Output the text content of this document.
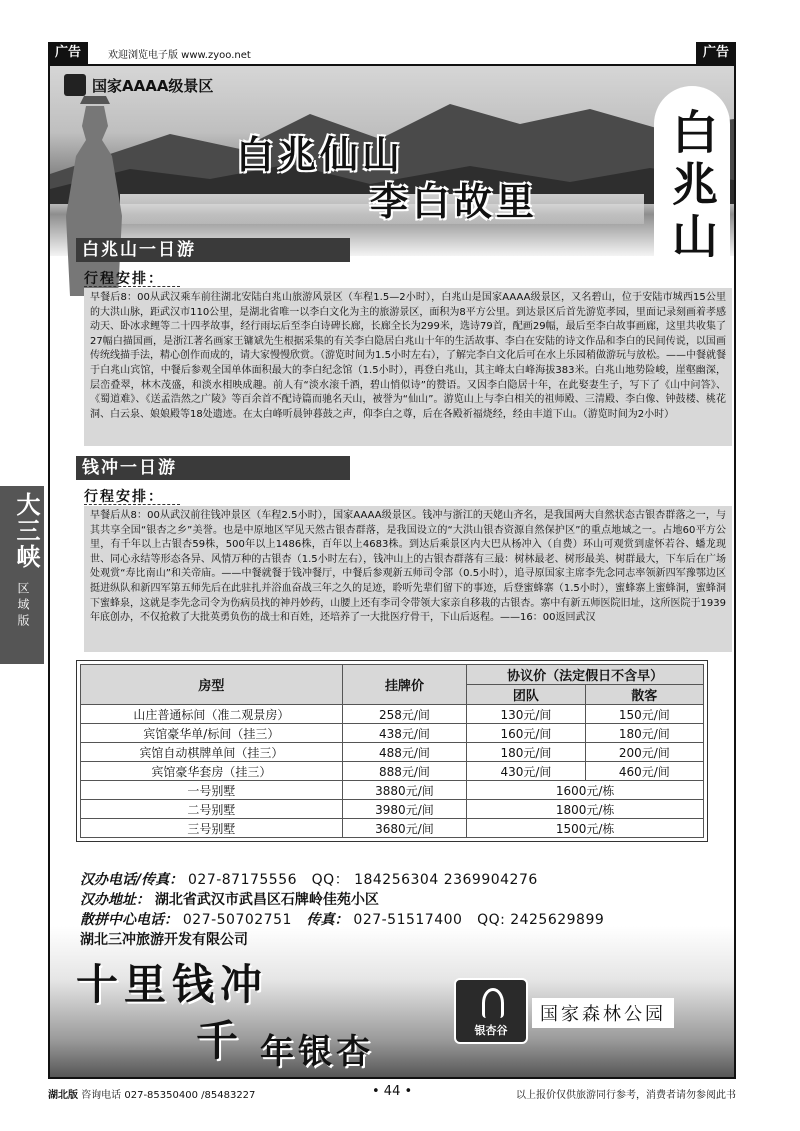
广告	欢迎浏览电子版 www.zyoo.net	广告
国家AAAA级景区
白兆仙山
李白故里	白兆山
白兆山一日游
行程安排：
早餐后8：00从武汉乘车前往湖北安陆白兆山旅游风景区（车程1.5—2小时），白兆山是国家AAAA级景区，又名碧山，位于安陆市城西15公里的大洪山脉，距武汉市110公里，是湖北省唯一以李白文化为主的旅游景区，面积为8平方公里。到达景区后首先游览孝园，里面记录刻画着孝感动天、卧冰求鲤等二十四孝故事，经行雨坛后至李白诗碑长廊，长廊全长为299米，选诗79首，配画29幅，最后至李白故事画廊，这里共收集了27幅白描国画，是浙江著名画家王镛斌先生根据采集的有关李白隐居白兆山十年的生活故事、李白在安陆的诗文作品和李白的民间传说，以国画传统线描手法，精心创作而成的，请大家慢慢欣赏。（游览时间为1.5小时左右），了解完李白文化后可在水上乐园稍做游玩与放松。——中餐就餐于白兆山宾馆，中餐后参观全国单体面积最大的李白纪念馆（1.5小时），再登白兆山，其主峰太白峰海拔383米。白兆山地势险峻，崖壑幽深，层峦叠翠，林木茂盛，和淡水相映成趣。前人有“淡水滚千酒，碧山悄似诗”的赞语。又因李白隐居十年，在此娶妻生子，写下了《山中问答》、《蜀道难》、《送孟浩然之广陵》等百余首不配诗篇而驰名天山，被誉为“仙山”。游览山上与李白相关的祖师殿、三清殿、李白像、钟鼓楼、桃花洞、白云泉、娘娘殿等18处遗迹。在太白峰听晨钟暮鼓之声，仰李白之尊，后在各殿祈福烧经，经由丰道下山。（游览时间为2小时）
钱冲一日游
行程安排：
早餐后从8：00从武汉前往钱冲景区（车程2.5小时），国家AAAA级景区。钱冲与浙江的天姥山齐名，是我国两大自然状态古银杏群落之一，与其共享全国“银杏之乡”美誉。也是中原地区罕见天然古银杏群落，是我国设立的“大洪山银杏资源自然保护区”的重点地域之一。占地60平方公里，有千年以上古银杏59株，500年以上1486株，百年以上4683株。到达后乘景区内大巴从杨冲入（自费）环山可观赏到虚怀若谷、蟠龙现世、同心永结等形态各异、风情万种的古银杏（1.5小时左右），钱冲山上的古银杏群落有三最：树林最老、树形最美、树群最大，下车后在广场处观赏“寿比南山”和关帝庙。——中餐就餐于钱冲餐厅，中餐后参观新五师司令部（0.5小时），追寻原国家主席李先念同志率领新四军豫鄂边区挺进纵队和新四军第五师先后在此驻扎并浴血奋战三年之久的足迹，聆听先辈们留下的事迹，后登蜜蜂寨（1.5小时），蜜蜂寨上蜜蜂洞，蜜蜂洞下蜜蜂泉，这就是李先念司令为伤病员找的神丹妙药，山腰上还有李司令带领大家亲自移栽的古银杏。寨中有新五师医院旧址，这所医院于1939年底创办，不仅抢救了大批英勇负伤的战士和百姓，还培养了一大批医疗骨干，下山后返程。——16：00返回武汉
房型	挂牌价	协议价（法定假日不含早）	
		团队	散客
山庄普通标间（准二观景房）	258元/间	130元/间	150元/间
宾馆豪华单/标间（挂三）	438元/间	160元/间	180元/间
宾馆自动棋牌单间（挂三）	488元/间	180元/间	200元/间
宾馆豪华套房（挂三）	888元/间	430元/间	460元/间
一号别墅	3880元/间	1600元/栋	
二号别墅	3980元/间	1800元/栋	
三号别墅	3680元/间	1500元/栋	
汉办电话/传真： 027-87175556 QQ： 184256304 2369904276
汉办地址： 湖北省武汉市武昌区石牌岭佳苑小区
散拼中心电话： 027-50702751 传真： 027-51517400 QQ: 2425629899
湖北三冲旅游开发有限公司
十里钱冲
千 年银杏
银杏谷
国家森林公园
大三峡
区域版
湖北版 咨询电话 027-85350400 /85483227	• 44 •	以上报价仅供旅游同行参考，消费者请勿参阅此书
